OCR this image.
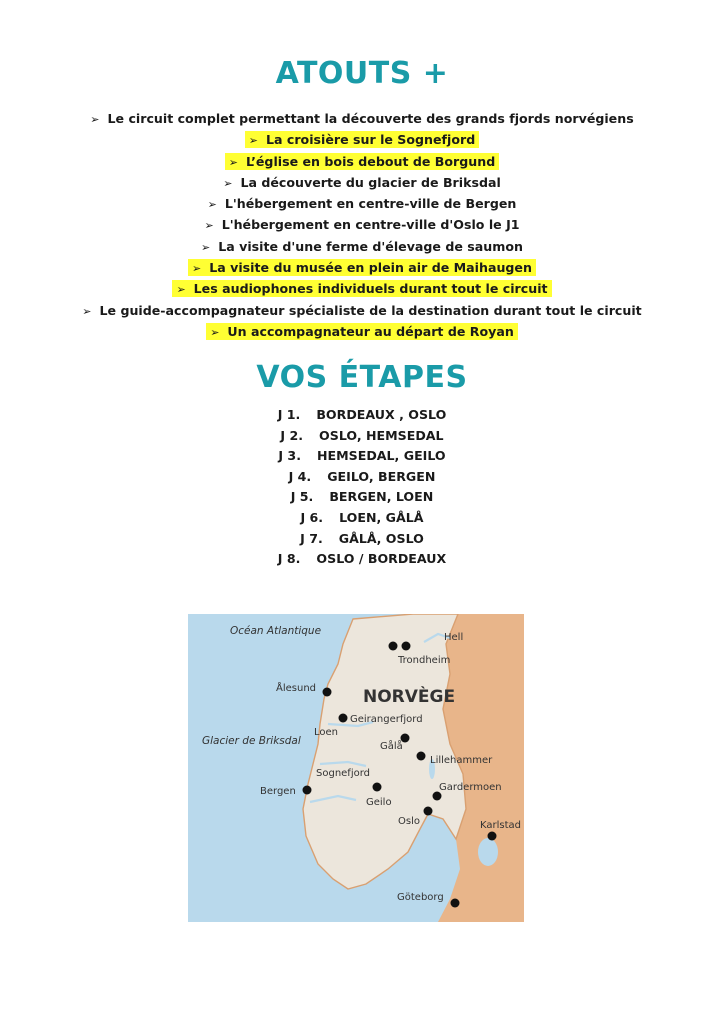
ATOUTS +
➢ Le circuit complet permettant la découverte des grands fjords norvégiens
➢ La croisière sur le Sognefjord
➢ L’église en bois debout de Borgund
➢ La découverte du glacier de Briksdal
➢ L'hébergement en centre-ville de Bergen
➢ L'hébergement en centre-ville d'Oslo le J1
➢ La visite d'une ferme d'élevage de saumon
➢ La visite du musée en plein air de Maihaugen
➢ Les audiophones individuels durant tout le circuit
➢ Le guide-accompagnateur spécialiste de la destination durant tout le circuit
➢ Un accompagnateur au départ de Royan
VOS ÉTAPES
J 1. BORDEAUX , OSLO
J 2. OSLO, HEMSEDAL
J 3. HEMSEDAL, GEILO
J 4. GEILO, BERGEN
J 5. BERGEN, LOEN
J 6. LOEN, GÅLÅ
J 7. GÅLÅ, OSLO
J 8. OSLO / BORDEAUX
Océan Atlantique
NORVÈGE
Hell
Trondheim
Ålesund
Geirangerfjord
Loen
Glacier de Briksdal	Gålå
Lillehammer
Sognefjord
Bergen
Geilo
Gardermoen
Oslo	Karlstad
Göteborg
